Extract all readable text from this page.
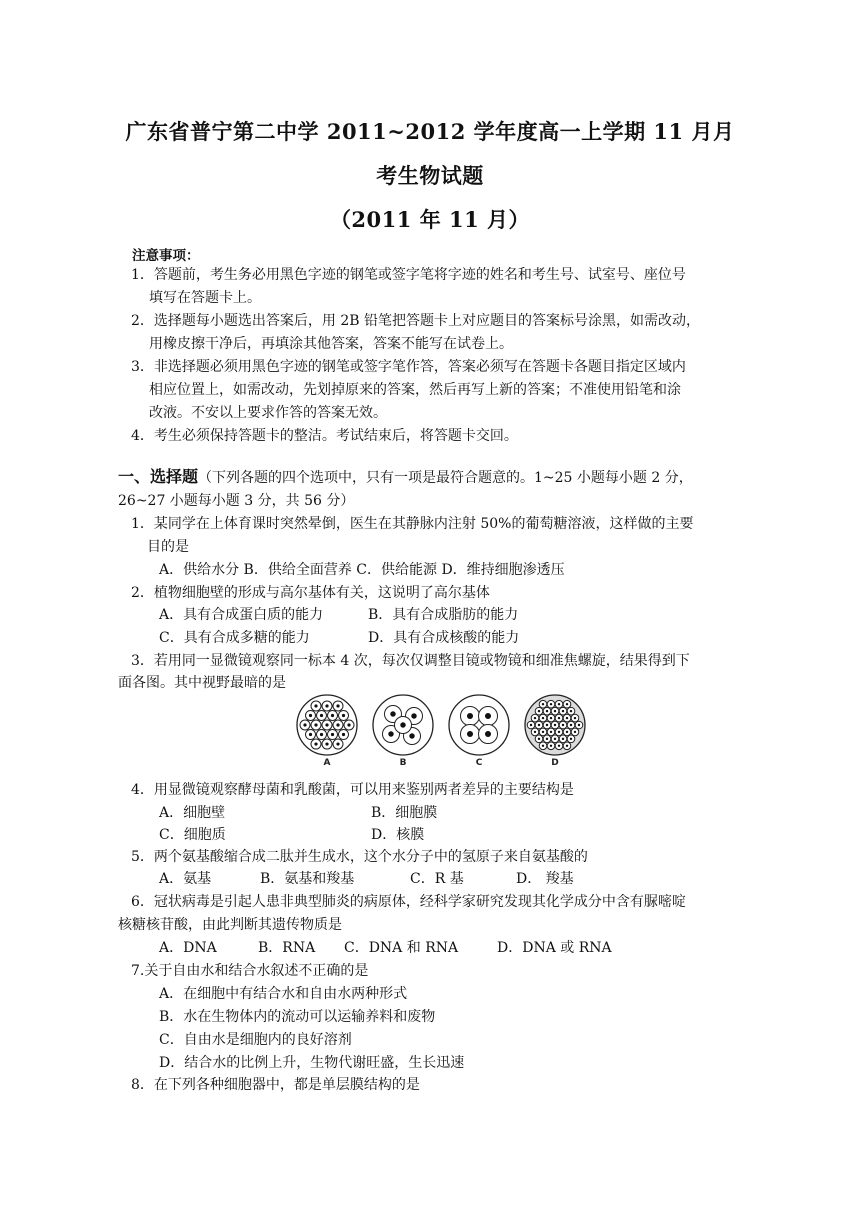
广东省普宁第二中学 2011~2012 学年度高一上学期 11 月月
考生物试题
（2011 年 11 月）
注意事项：
1．答题前，考生务必用黑色字迹的钢笔或签字笔将字迹的姓名和考生号、试室号、座位号
填写在答题卡上。
2．选择题每小题选出答案后，用 2B 铅笔把答题卡上对应题目的答案标号涂黑，如需改动，
用橡皮擦干净后，再填涂其他答案，答案不能写在试卷上。
3．非选择题必须用黑色字迹的钢笔或签字笔作答，答案必须写在答题卡各题目指定区域内
相应位置上，如需改动，先划掉原来的答案，然后再写上新的答案；不准使用铅笔和涂
改液。不安以上要求作答的答案无效。
4．考生必须保持答题卡的整洁。考试结束后，将答题卡交回。
一、选择题（下列各题的四个选项中，只有一项是最符合题意的。1~25 小题每小题 2 分，
26~27 小题每小题 3 分，共 56 分）
1．某同学在上体育课时突然晕倒，医生在其静脉内注射 50%的葡萄糖溶液，这样做的主要
目的是
A．供给水分 B．供给全面营养 C．供给能源 D．维持细胞渗透压
2．植物细胞壁的形成与高尔基体有关，这说明了高尔基体
A．具有合成蛋白质的能力	B．具有合成脂肪的能力
C．具有合成多糖的能力	D．具有合成核酸的能力
3．若用同一显微镜观察同一标本 4 次，每次仅调整目镜或物镜和细准焦螺旋，结果得到下
面各图。其中视野最暗的是
A	B	C	D
4．用显微镜观察酵母菌和乳酸菌，可以用来鉴别两者差异的主要结构是
A．细胞壁	B．细胞膜
C．细胞质	D．核膜
5．两个氨基酸缩合成二肽并生成水，这个水分子中的氢原子来自氨基酸的
A．氨基	B．氨基和羧基	C．R 基	D． 羧基
6．冠状病毒是引起人患非典型肺炎的病原体，经科学家研究发现其化学成分中含有脲嘧啶
核糖核苷酸，由此判断其遗传物质是
A．DNA	B．RNA C．DNA 和 RNA	D．DNA 或 RNA
7.关于自由水和结合水叙述不正确的是
A．在细胞中有结合水和自由水两种形式
B．水在生物体内的流动可以运输养料和废物
C．自由水是细胞内的良好溶剂
D．结合水的比例上升，生物代谢旺盛，生长迅速
8．在下列各种细胞器中，都是单层膜结构的是
